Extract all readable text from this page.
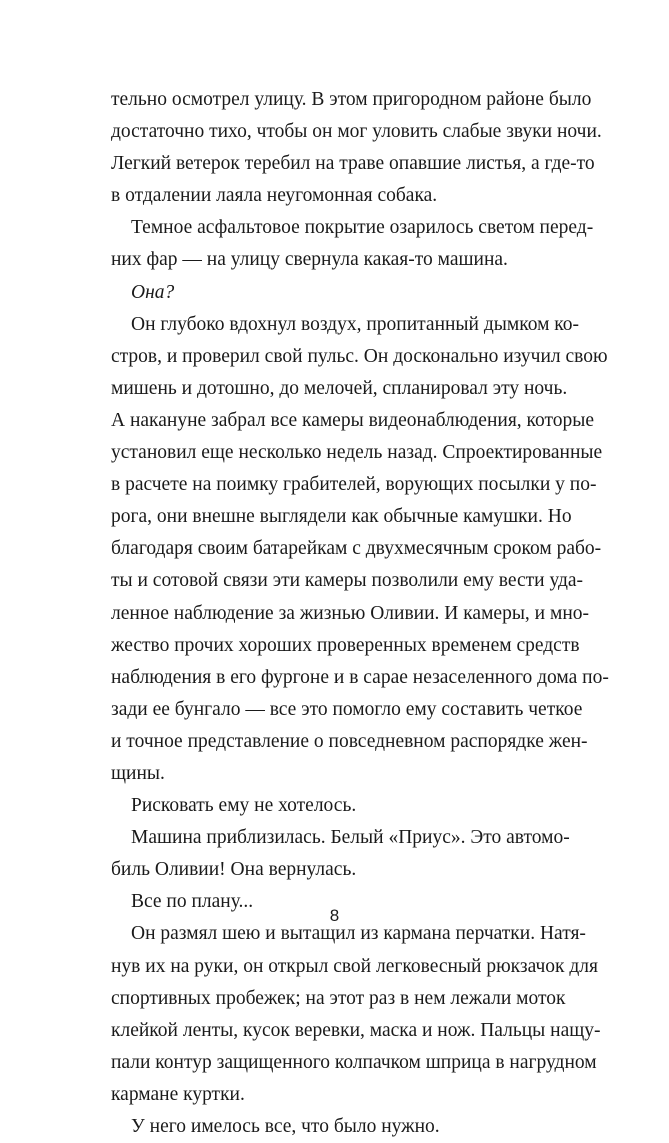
тельно осмотрел улицу. В этом пригородном районе было
достаточно тихо, чтобы он мог уловить слабые звуки ночи.
Легкий ветерок теребил на траве опавшие листья, а где-то
в отдалении лаяла неугомонная собака.
Темное асфальтовое покрытие озарилось светом перед-
них фар — на улицу свернула какая-то машина.
Она?
Он глубоко вдохнул воздух, пропитанный дымком ко-
стров, и проверил свой пульс. Он досконально изучил свою
мишень и дотошно, до мелочей, спланировал эту ночь.
А накануне забрал все камеры видеонаблюдения, которые
установил еще несколько недель назад. Спроектированные
в расчете на поимку грабителей, ворующих посылки у по-
рога, они внешне выглядели как обычные камушки. Но
благодаря своим батарейкам с двухмесячным сроком рабо-
ты и сотовой связи эти камеры позволили ему вести уда-
ленное наблюдение за жизнью Оливии. И камеры, и мно-
жество прочих хороших проверенных временем средств
наблюдения в его фургоне и в сарае незаселенного дома по-
зади ее бунгало — все это помогло ему составить четкое
и точное представление о повседневном распорядке жен-
щины.
Рисковать ему не хотелось.
Машина приблизилась. Белый «Приус». Это автомо-
биль Оливии! Она вернулась.
Все по плану...
Он размял шею и вытащил из кармана перчатки. Натя-
нув их на руки, он открыл свой легковесный рюкзачок для
спортивных пробежек; на этот раз в нем лежали моток
клейкой ленты, кусок веревки, маска и нож. Пальцы нащу-
пали контур защищенного колпачком шприца в нагрудном
кармане куртки.
У него имелось все, что было нужно.
8
